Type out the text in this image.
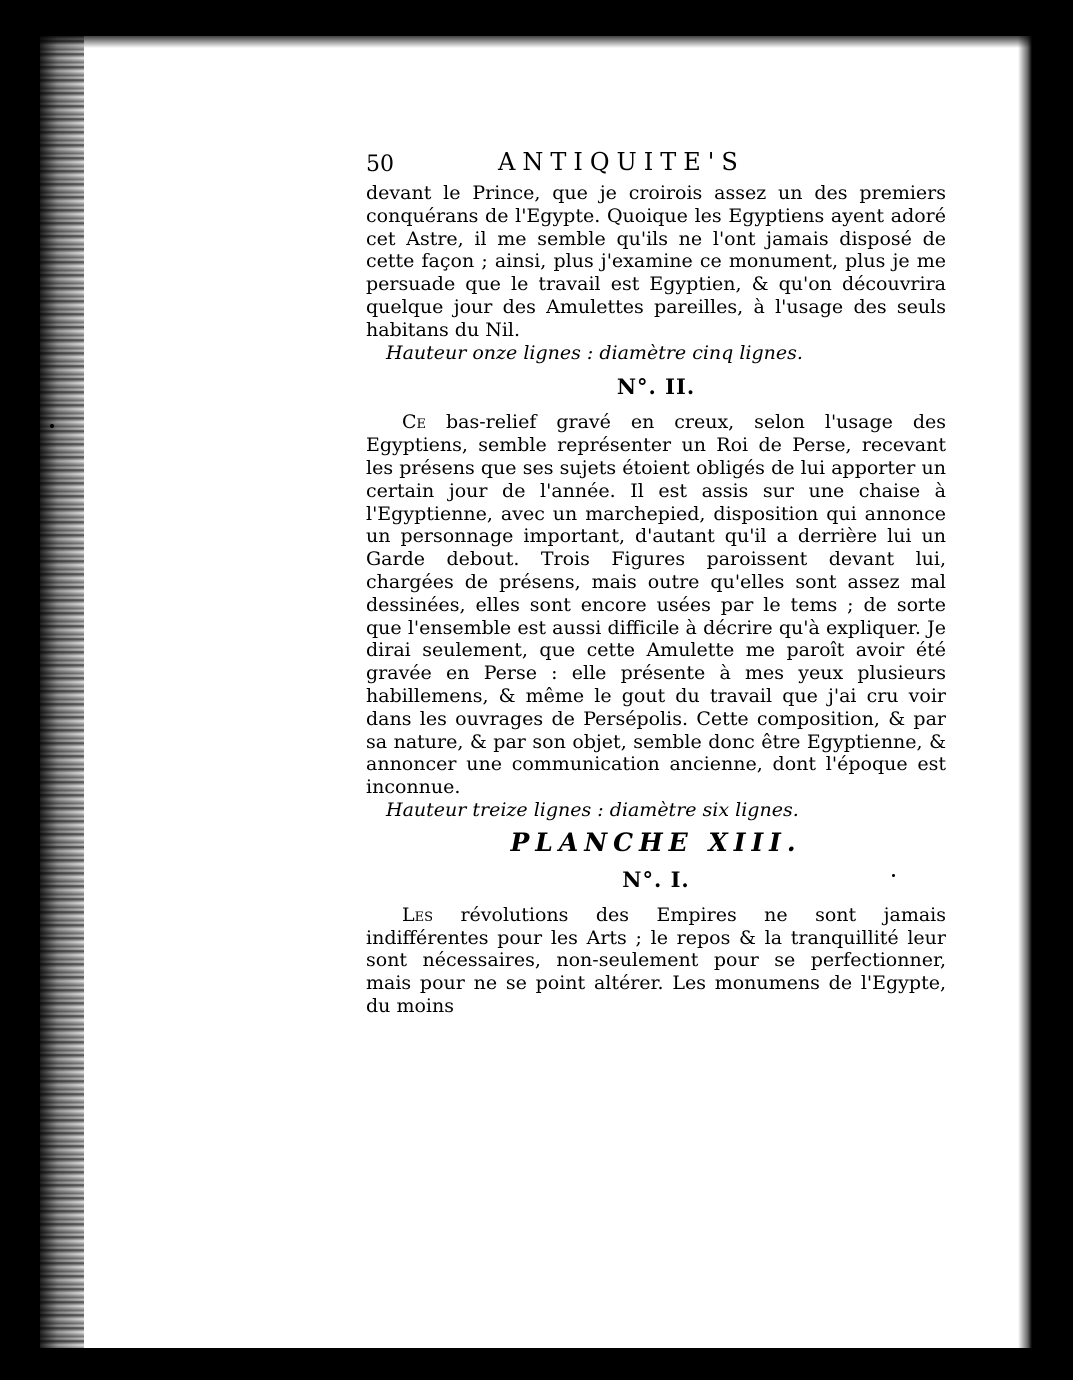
50	ANTIQUITE'S

devant le Prince, que je croirois assez un des premiers conquérans de l'Egypte. Quoique les Egyptiens ayent adoré cet Astre, il me semble qu'ils ne l'ont jamais disposé de cette façon ; ainsi, plus j'examine ce monument, plus je me persuade que le travail est Egyptien, & qu'on découvrira quelque jour des Amulettes pareilles, à l'usage des seuls habitans du Nil.

Hauteur onze lignes : diamètre cinq lignes.

N°. II.

Ce bas-relief gravé en creux, selon l'usage des Egyptiens, semble représenter un Roi de Perse, recevant les présens que ses sujets étoient obligés de lui apporter un certain jour de l'année. Il est assis sur une chaise à l'Egyptienne, avec un marchepied, disposition qui annonce un personnage important, d'autant qu'il a derrière lui un Garde debout. Trois Figures paroissent devant lui, chargées de présens, mais outre qu'elles sont assez mal dessinées, elles sont encore usées par le tems ; de sorte que l'ensemble est aussi difficile à décrire qu'à expliquer. Je dirai seulement, que cette Amulette me paroît avoir été gravée en Perse : elle présente à mes yeux plusieurs habillemens, & même le gout du travail que j'ai cru voir dans les ouvrages de Persépolis. Cette composition, & par sa nature, & par son objet, semble donc être Egyptienne, & annoncer une communication ancienne, dont l'époque est inconnue.

Hauteur treize lignes : diamètre six lignes.

PLANCHE XIII.
N°. I.

Les révolutions des Empires ne sont jamais indifférentes pour les Arts ; le repos & la tranquillité leur sont nécessaires, non-seulement pour se perfectionner, mais pour ne se point altérer. Les monumens de l'Egypte, du moins
